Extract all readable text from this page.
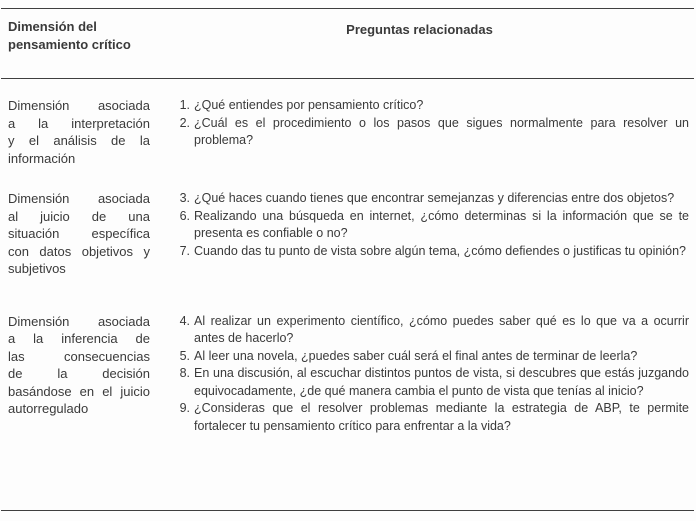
Dimensión del pensamiento crítico
Preguntas relacionadas
Dimensión asociada
a la interpretación
y el análisis de la
información
1. ¿Qué entiendes por pensamiento crítico?
2. ¿Cuál es el procedimiento o los pasos que sigues normalmente para resolver un problema?
Dimensión asociada
al juicio de una
situación específica
con datos objetivos y
subjetivos
3. ¿Qué haces cuando tienes que encontrar semejanzas y diferencias entre dos objetos?
6. Realizando una búsqueda en internet, ¿cómo determinas si la información que se te presenta es confiable o no?
7. Cuando das tu punto de vista sobre algún tema, ¿cómo defiendes o justificas tu opinión?
Dimensión asociada
a la inferencia de
las consecuencias
de la decisión
basándose en el juicio
autorregulado
4. Al realizar un experimento científico, ¿cómo puedes saber qué es lo que va a ocurrir antes de hacerlo?
5. Al leer una novela, ¿puedes saber cuál será el final antes de terminar de leerla?
8. En una discusión, al escuchar distintos puntos de vista, si descubres que estás juzgando equivocadamente, ¿de qué manera cambia el punto de vista que tenías al inicio?
9. ¿Consideras que el resolver problemas mediante la estrategia de ABP, te permite fortalecer tu pensamiento crítico para enfrentar a la vida?
